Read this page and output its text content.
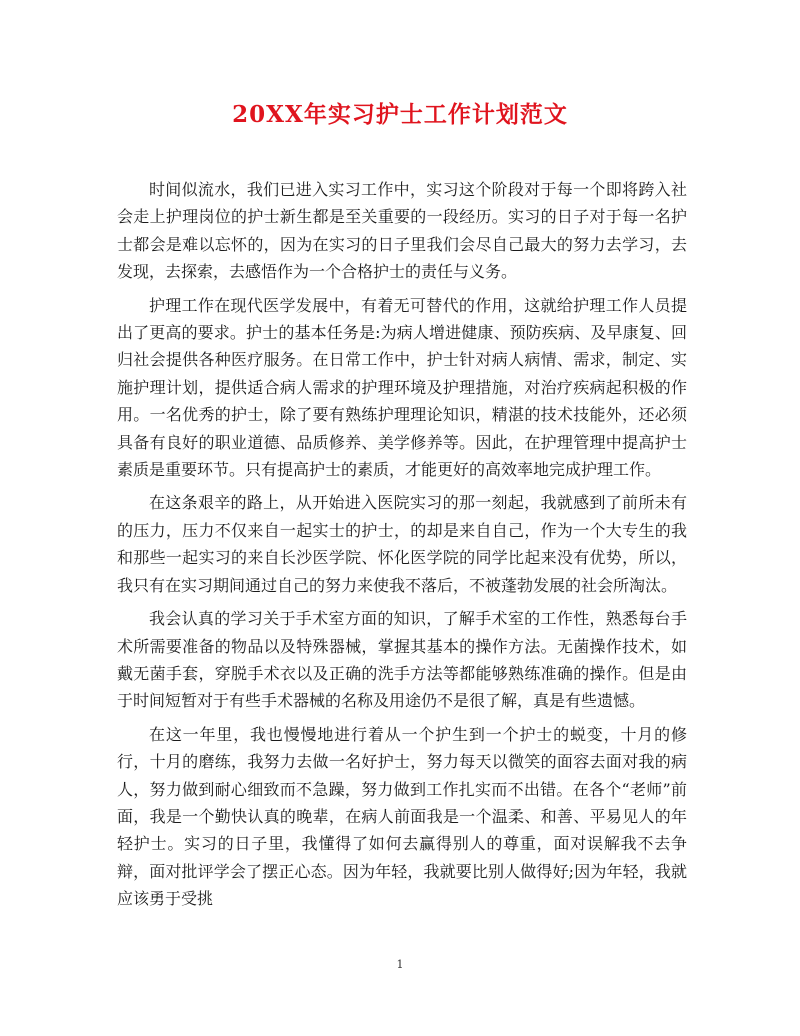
20XX年实习护士工作计划范文

时间似流水，我们已进入实习工作中，实习这个阶段对于每一个即将跨入社会走上护理岗位的护士新生都是至关重要的一段经历。实习的日子对于每一名护士都会是难以忘怀的，因为在实习的日子里我们会尽自己最大的努力去学习，去发现，去探索，去感悟作为一个合格护士的责任与义务。

护理工作在现代医学发展中，有着无可替代的作用，这就给护理工作人员提出了更高的要求。护士的基本任务是:为病人增进健康、预防疾病、及早康复、回归社会提供各种医疗服务。在日常工作中，护士针对病人病情、需求，制定、实施护理计划，提供适合病人需求的护理环境及护理措施，对治疗疾病起积极的作用。一名优秀的护士，除了要有熟练护理理论知识，精湛的技术技能外，还必须具备有良好的职业道德、品质修养、美学修养等。因此，在护理管理中提高护士素质是重要环节。只有提高护士的素质，才能更好的高效率地完成护理工作。

在这条艰辛的路上，从开始进入医院实习的那一刻起，我就感到了前所未有的压力，压力不仅来自一起实士的护士，的却是来自自己，作为一个大专生的我和那些一起实习的来自长沙医学院、怀化医学院的同学比起来没有优势，所以，我只有在实习期间通过自己的努力来使我不落后，不被蓬勃发展的社会所淘汰。

我会认真的学习关于手术室方面的知识，了解手术室的工作性，熟悉每台手术所需要准备的物品以及特殊器械，掌握其基本的操作方法。无菌操作技术，如戴无菌手套，穿脱手术衣以及正确的洗手方法等都能够熟练准确的操作。但是由于时间短暂对于有些手术器械的名称及用途仍不是很了解，真是有些遗憾。

在这一年里，我也慢慢地进行着从一个护生到一个护士的蜕变，十月的修行，十月的磨练，我努力去做一名好护士，努力每天以微笑的面容去面对我的病人，努力做到耐心细致而不急躁，努力做到工作扎实而不出错。在各个“老师”前面，我是一个勤快认真的晚辈，在病人前面我是一个温柔、和善、平易见人的年轻护士。实习的日子里，我懂得了如何去赢得别人的尊重，面对误解我不去争辩，面对批评学会了摆正心态。因为年轻，我就要比别人做得好;因为年轻，我就应该勇于受挑

1
